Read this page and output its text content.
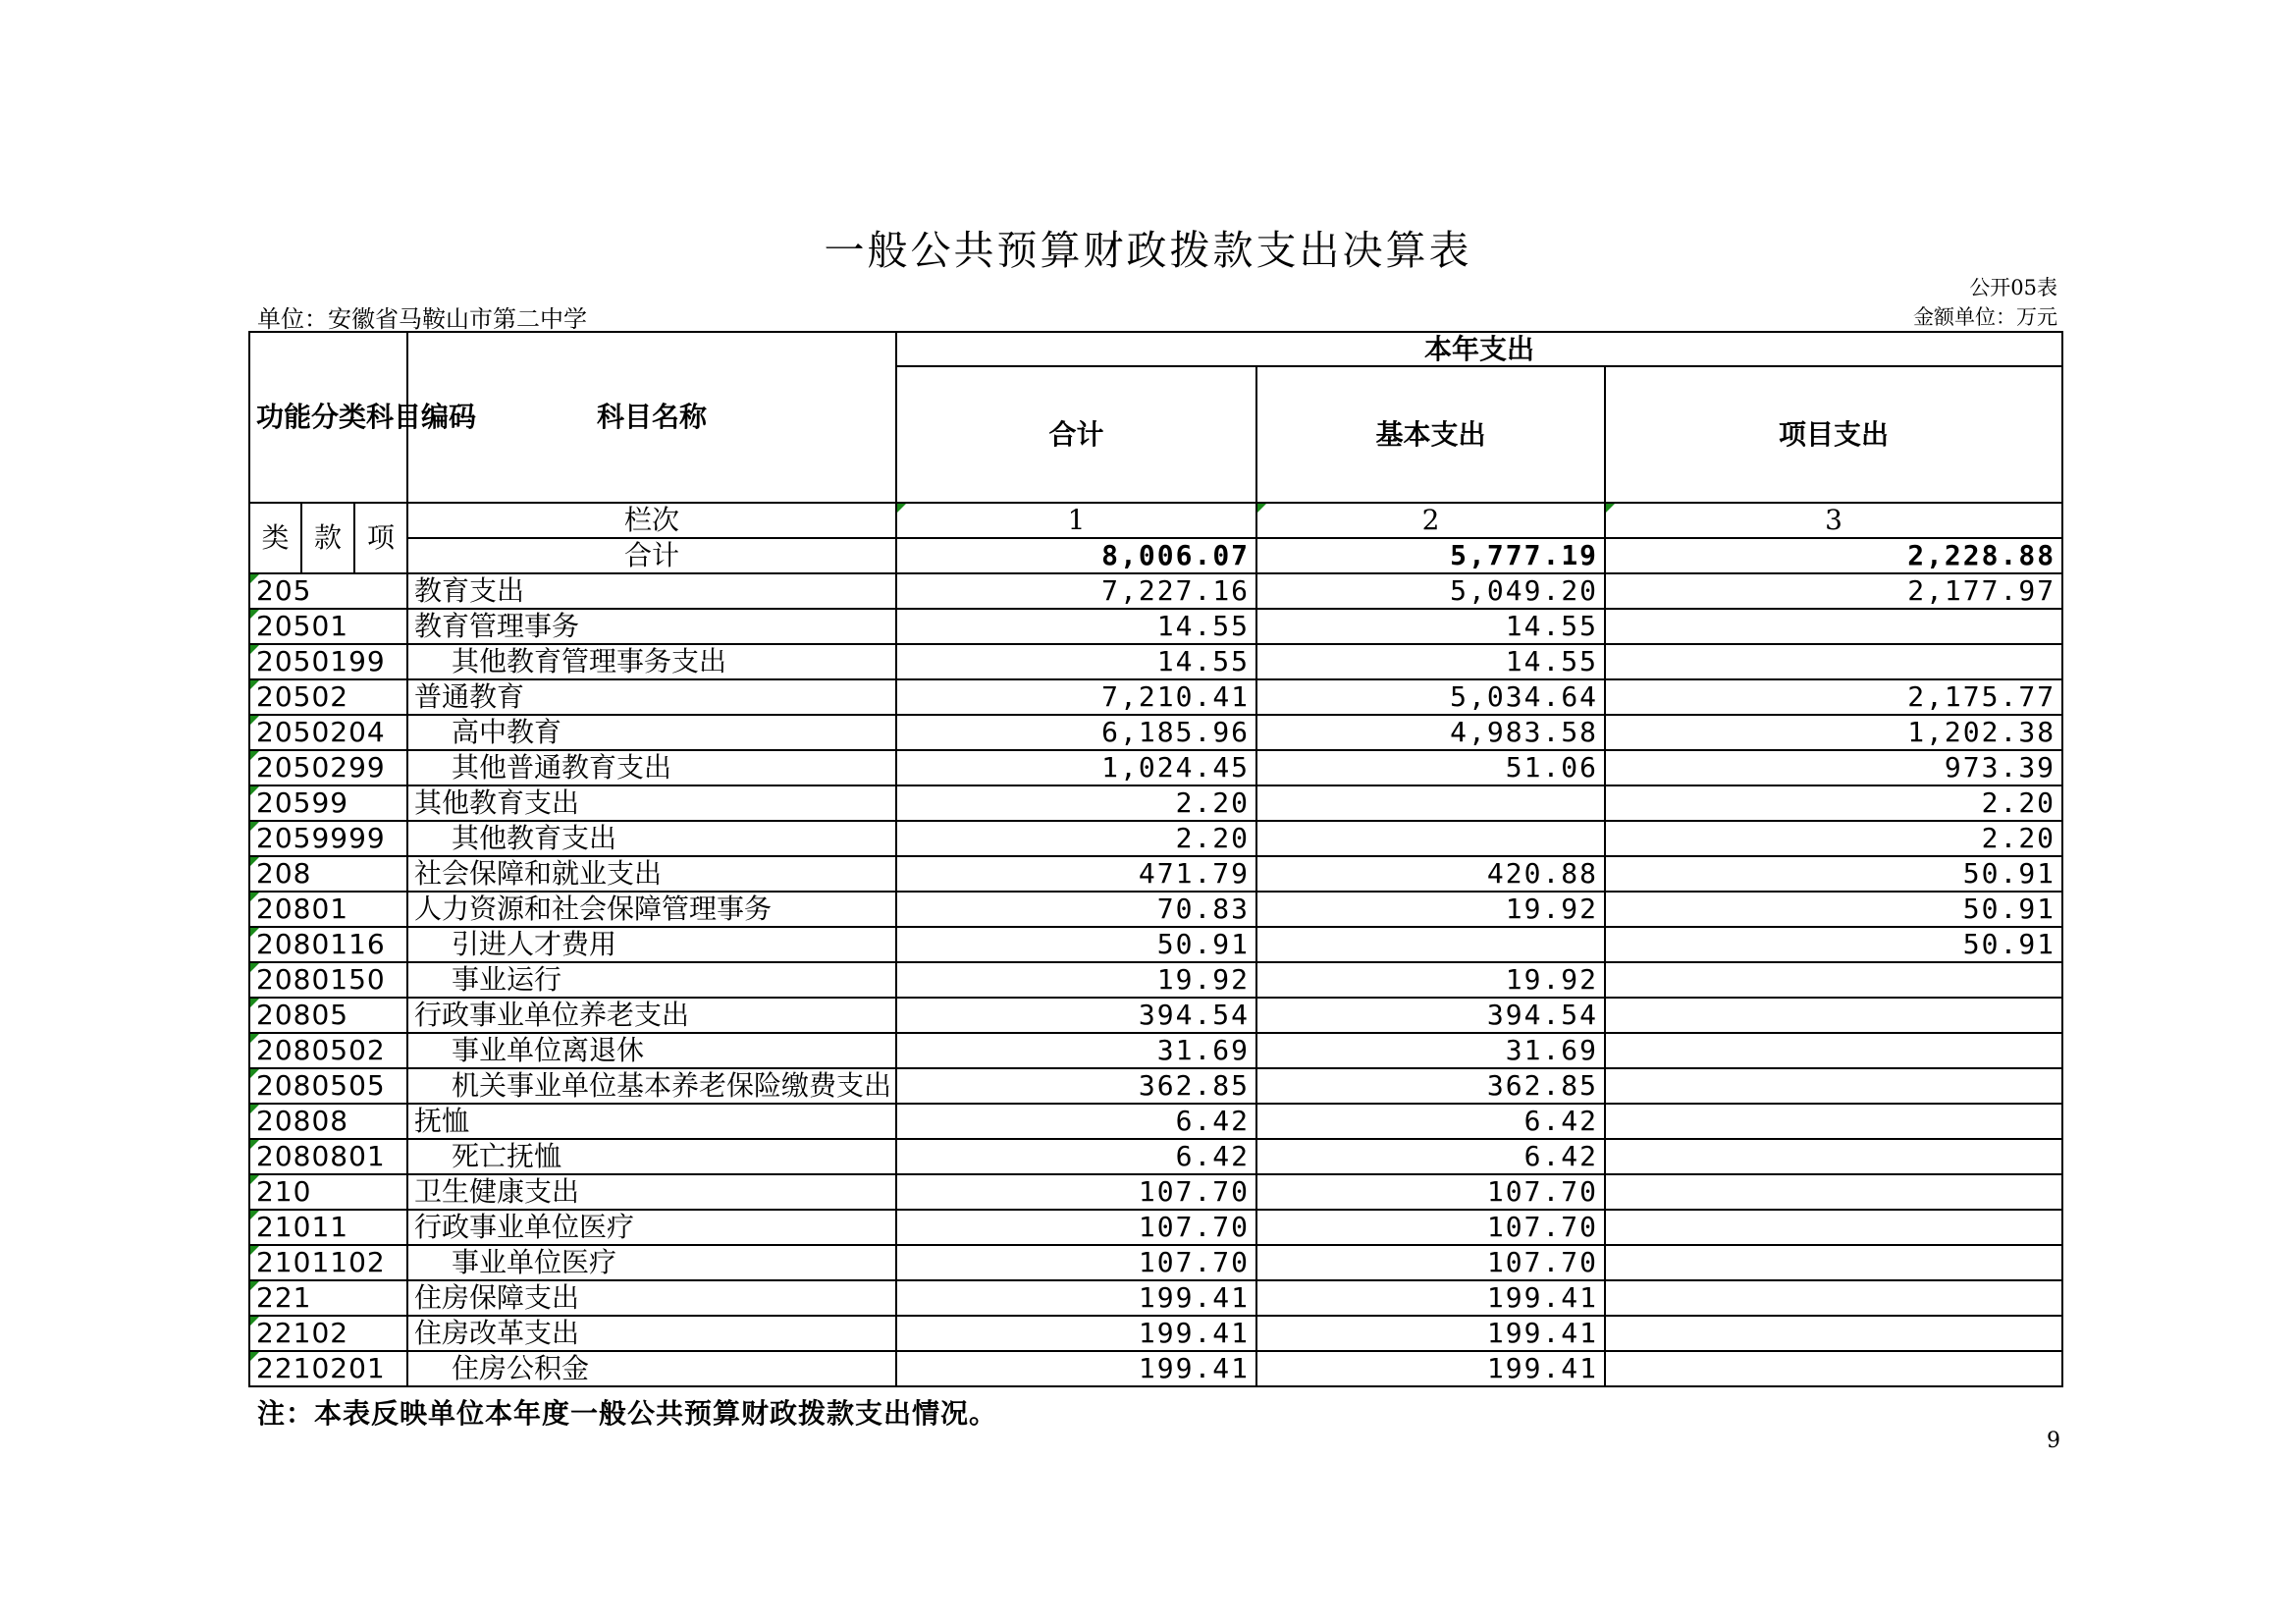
一般公共预算财政拨款支出决算表
公开05表
单位：安徽省马鞍山市第二中学	金额单位：万元
功能分类科目编码			科目名称	本年支出		
				合计	基本支出	项目支出
类	款	项	栏次	1	2	3
			合计	8,006.07	5,777.19	2,228.88
205			教育支出	7,227.16	5,049.20	2,177.97
20501			教育管理事务	14.55	14.55	
2050199			其他教育管理事务支出	14.55	14.55	
20502			普通教育	7,210.41	5,034.64	2,175.77
2050204			高中教育	6,185.96	4,983.58	1,202.38
2050299			其他普通教育支出	1,024.45	51.06	973.39
20599			其他教育支出	2.20		2.20
2059999			其他教育支出	2.20		2.20
208			社会保障和就业支出	471.79	420.88	50.91
20801			人力资源和社会保障管理事务	70.83	19.92	50.91
2080116			引进人才费用	50.91		50.91
2080150			事业运行	19.92	19.92	
20805			行政事业单位养老支出	394.54	394.54	
2080502			事业单位离退休	31.69	31.69	
2080505			机关事业单位基本养老保险缴费支出	362.85	362.85	
20808			抚恤	6.42	6.42	
2080801			死亡抚恤	6.42	6.42	
210			卫生健康支出	107.70	107.70	
21011			行政事业单位医疗	107.70	107.70	
2101102			事业单位医疗	107.70	107.70	
221			住房保障支出	199.41	199.41	
22102			住房改革支出	199.41	199.41	
2210201			住房公积金	199.41	199.41	
注：本表反映单位本年度一般公共预算财政拨款支出情况。
9
